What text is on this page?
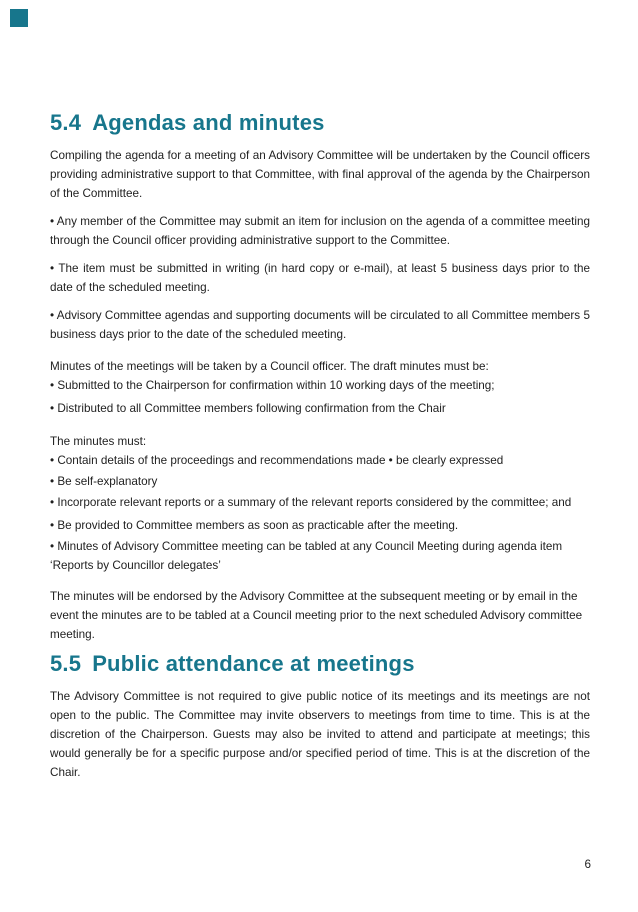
5.4 Agendas and minutes

Compiling the agenda for a meeting of an Advisory Committee will be undertaken by the Council officers providing administrative support to that Committee, with final approval of the agenda by the Chairperson of the Committee.

• Any member of the Committee may submit an item for inclusion on the agenda of a committee meeting through the Council officer providing administrative support to the Committee.

• The item must be submitted in writing (in hard copy or e-mail), at least 5 business days prior to the date of the scheduled meeting.

• Advisory Committee agendas and supporting documents will be circulated to all Committee members 5 business days prior to the date of the scheduled meeting.

Minutes of the meetings will be taken by a Council officer. The draft minutes must be:

• Submitted to the Chairperson for confirmation within 10 working days of the meeting;

• Distributed to all Committee members following confirmation from the Chair

The minutes must:

• Contain details of the proceedings and recommendations made • be clearly expressed

• Be self-explanatory

• Incorporate relevant reports or a summary of the relevant reports considered by the committee; and

• Be provided to Committee members as soon as practicable after the meeting.

• Minutes of Advisory Committee meeting can be tabled at any Council Meeting during agenda item ‘Reports by Councillor delegates’

The minutes will be endorsed by the Advisory Committee at the subsequent meeting or by email in the event the minutes are to be tabled at a Council meeting prior to the next scheduled Advisory committee meeting.

5.5 Public attendance at meetings

The Advisory Committee is not required to give public notice of its meetings and its meetings are not open to the public. The Committee may invite observers to meetings from time to time. This is at the discretion of the Chairperson. Guests may also be invited to attend and participate at meetings; this would generally be for a specific purpose and/or specified period of time. This is at the discretion of the Chair.

6
